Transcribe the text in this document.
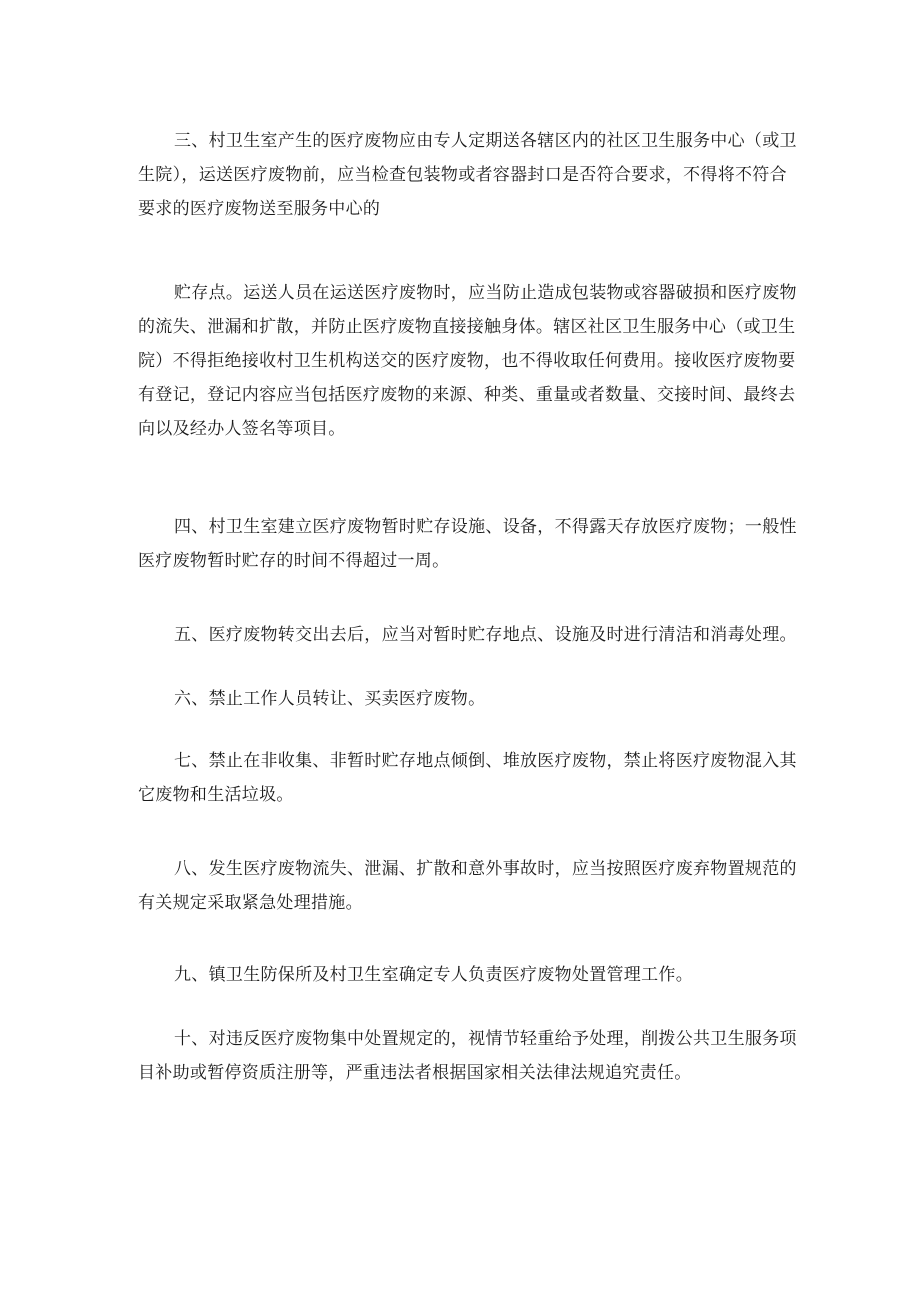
三、村卫生室产生的医疗废物应由专人定期送各辖区内的社区卫生服务中心（或卫
生院），运送医疗废物前，应当检查包装物或者容器封口是否符合要求，不得将不符合
要求的医疗废物送至服务中心的
贮存点。运送人员在运送医疗废物时，应当防止造成包装物或容器破损和医疗废物
的流失、泄漏和扩散，并防止医疗废物直接接触身体。辖区社区卫生服务中心（或卫生
院）不得拒绝接收村卫生机构送交的医疗废物，也不得收取任何费用。接收医疗废物要
有登记，登记内容应当包括医疗废物的来源、种类、重量或者数量、交接时间、最终去
向以及经办人签名等项目。
四、村卫生室建立医疗废物暂时贮存设施、设备，不得露天存放医疗废物；一般性
医疗废物暂时贮存的时间不得超过一周。
五、医疗废物转交出去后，应当对暂时贮存地点、设施及时进行清洁和消毒处理。
六、禁止工作人员转让、买卖医疗废物。
七、禁止在非收集、非暂时贮存地点倾倒、堆放医疗废物，禁止将医疗废物混入其
它废物和生活垃圾。
八、发生医疗废物流失、泄漏、扩散和意外事故时，应当按照医疗废弃物置规范的
有关规定采取紧急处理措施。
九、镇卫生防保所及村卫生室确定专人负责医疗废物处置管理工作。
十、对违反医疗废物集中处置规定的，视情节轻重给予处理，削拨公共卫生服务项
目补助或暂停资质注册等，严重违法者根据国家相关法律法规追究责任。
